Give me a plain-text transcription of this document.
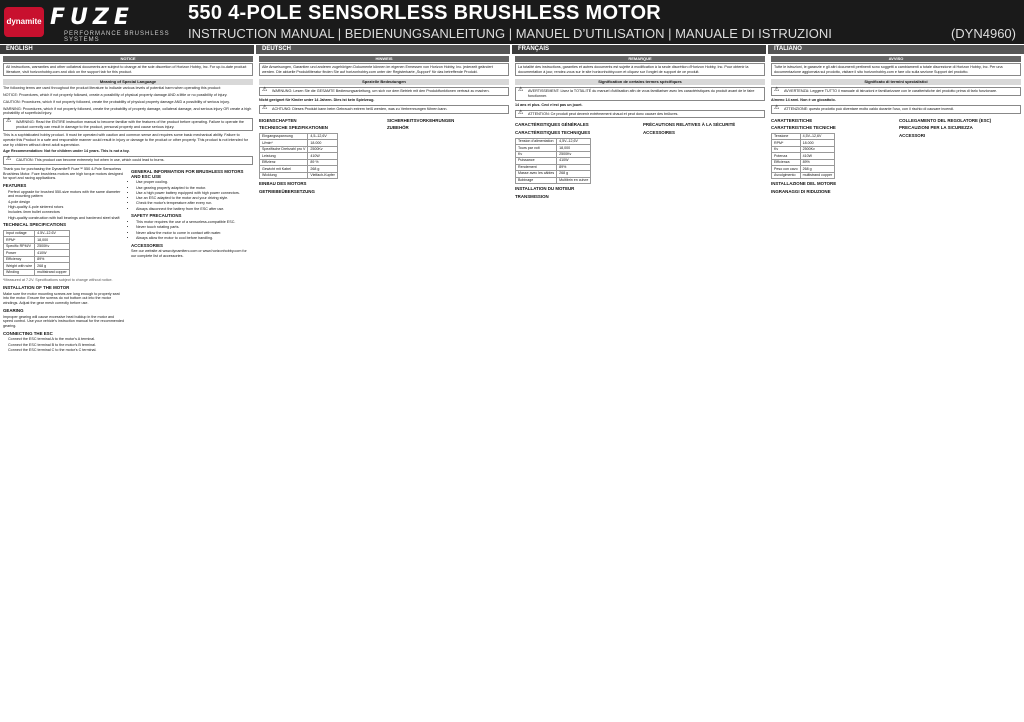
dynamite FUZE
PERFORMANCE BRUSHLESS SYSTEMS
550 4-POLE SENSORLESS BRUSHLESS MOTOR
INSTRUCTION MANUAL | BEDIENUNGSANLEITUNG | MANUEL D’UTILISATION | MANUALE DI ISTRUZIONI	(DYN4960)
ENGLISH	DEUTSCH	FRANÇAIS	ITALIANO
NOTICE
All instructions, warranties and other collateral documents are subject to change at the sole discretion of Horizon Hobby, Inc. For up-to-date product literature, visit horizonhobby.com and click on the support tab for this product.
Meaning of Special Language

The following terms are used throughout the product literature to indicate various levels of potential harm when operating this product:

NOTICE: Procedures, which if not properly followed, create a possibility of physical property damage AND a little or no possibility of injury.

CAUTION: Procedures, which if not properly followed, create the probability of physical property damage AND a possibility of serious injury.

WARNING: Procedures, which if not properly followed, create the probability of property damage, collateral damage, and serious injury OR create a high probability of superficial injury.

⚠ WARNING: Read the ENTIRE instruction manual to become familiar with the features of the product before operating. Failure to operate the product correctly can result in damage to the product, personal property and cause serious injury.

This is a sophisticated hobby product. It must be operated with caution and common sense and requires some basic mechanical ability. Failure to operate this Product in a safe and responsible manner could result in injury or damage to the product or other property. This product is not intended for use by children without direct adult supervision.

Age Recommendation: Not for children under 14 years. This is not a toy.

⚠ CAUTION: This product can become extremely hot when in use, which could lead to burns.

Thank you for purchasing the Dynamite® Fuze™ 550 4-Pole Sensorless Brushless Motor. Fuze brushless motors are high torque motors designed for sport and racing applications.

FEATURES
• Perfect upgrade for brushed 550-size motors with the same diameter and mounting pattern
• 4-pole design
• High-quality 4-pole sintered rotors
• Includes 4mm bullet connectors
• High-quality construction with ball bearings and hardened steel shaft
TECHNICAL SPECIFICATIONS
Input voltage	4.5V–12.6V
RPM*	18,000
Specific RPM/V	2500Kv
Power	410W
Efficiency	89%
Weight with wire	268 g
Winding	multistrand copper

*Measured at 7.2V. Specifications subject to change without notice.

INSTALLATION OF THE MOTOR

Make sure the motor mounting screws are long enough to properly seat into the motor. Ensure the screws do not bottom out into the motor windings. Adjust the gear mesh correctly before use.

GEARING

Improper gearing will cause excessive heat buildup in the motor and speed control. Use your vehicle's instruction manual for the recommended gearing.

CONNECTING THE ESC
• Connect the ESC terminal A to the motor's A terminal.
• Connect the ESC terminal B to the motor's B terminal.
• Connect the ESC terminal C to the motor's C terminal.
GENERAL INFORMATION FOR BRUSHLESS MOTORS AND ESC USE
• Use proper cooling.
• Use gearing properly adapted to the motor.
• Use a high power battery equipped with high power connectors.
• Use an ESC adapted to the motor and your driving style.
• Check the motor's temperature after every run.
• Always disconnect the battery from the ESC after use.
SAFETY PRECAUTIONS
• This motor requires the use of a sensorless-compatible ESC.
• Never touch rotating parts.
• Never allow the motor to come in contact with water.
• Always allow the motor to cool before handling.
ACCESSORIES

See our website at www.dynamiterc.com or www.horizonhobby.com for our complete list of accessories.

HINWEIS
Alle Anweisungen, Garantien und anderen zugehörigen Dokumente können im eigenen Ermessen von Horizon Hobby, Inc. jederzeit geändert werden. Die aktuelle Produktliteratur finden Sie auf horizonhobby.com unter der Registerkarte „Support“ für das betreffende Produkt.
Spezielle Bedeutungen
⚠ WARNUNG: Lesen Sie die GESAMTE Bedienungsanleitung, um sich vor dem Betrieb mit den Produktfunktionen vertraut zu machen.

Nicht geeignet für Kinder unter 14 Jahren. Dies ist kein Spielzeug.

⚠ ACHTUNG: Dieses Produkt kann beim Gebrauch extrem heiß werden, was zu Verbrennungen führen kann.
EIGENSCHAFTEN
TECHNISCHE SPEZIFIKATIONEN
Eingangsspannung	4,5–12,6V
U/min*	18.000
Spezifische Drehzahl pro V	2500Kv
Leistung	410W
Effizienz	89 %
Gewicht mit Kabel	268 g
Wicklung	Vielfach-Kupfer
EINBAU DES MOTORS
GETRIEBEÜBERSETZUNG
SICHERHEITSVORKEHRUNGEN
ZUBEHÖR
REMARQUE
La totalité des instructions, garanties et autres documents est sujette à modification à la seule discrétion d'Horizon Hobby, Inc. Pour obtenir la documentation à jour, rendez-vous sur le site horizonhobby.com et cliquez sur l'onglet de support de ce produit.
Signification de certains termes spécifiques
⚠ AVERTISSEMENT: Lisez la TOTALITÉ du manuel d'utilisation afin de vous familiariser avec les caractéristiques du produit avant de le faire fonctionner.

14 ans et plus. Ceci n'est pas un jouet.

⚠ ATTENTION: Ce produit peut devenir extrêmement chaud et peut donc causer des brûlures.
CARACTÉRISTIQUES GÉNÉRALES
CARACTÉRISTIQUES TECHNIQUES
Tension d'alimentation	4,5V–12,6V
Tours par volt	18,000
Kv	2500Kv
Puissance	410W
Rendement	89%
Masse avec les câbles	268 g
Bobinage	Multibrin en cuivre
INSTALLATION DU MOTEUR
TRANSMISSION
PRÉCAUTIONS RELATIVES À LA SÉCURITÉ
ACCESSOIRES
AVVISO
Tutte le istruzioni, le garanzie e gli altri documenti pertinenti sono soggetti a cambiamenti a totale discrezione di Horizon Hobby, Inc. Per una documentazione aggiornata sul prodotto, visitare il sito horizonhobby.com e fare clic sulla sezione Support del prodotto.
Significato di termini specialistici
⚠ AVVERTENZA: Leggere TUTTO il manuale di istruzioni e familiarizzare con le caratteristiche del prodotto prima di farlo funzionare.

Almeno 14 anni. Non è un giocattolo.

⚠ ATTENZIONE: questo prodotto può diventare molto caldo durante l'uso, con il rischio di causare incendi.
CARATTERISTICHE
CARATTERISTICHE TECNICHE
Tensione	4,5V–12,6V
RPM*	18.000
Kv	2500Kv
Potenza	410W
Efficienza	89%
Peso con cavo	268 g
Avvolgimento	multistrand copper
INSTALLAZIONE DEL MOTORE
INGRANAGGI DI RIDUZIONE
COLLEGAMENTO DEL REGOLATORE (ESC)
PRECAUZIONI PER LA SICUREZZA
ACCESSORI
